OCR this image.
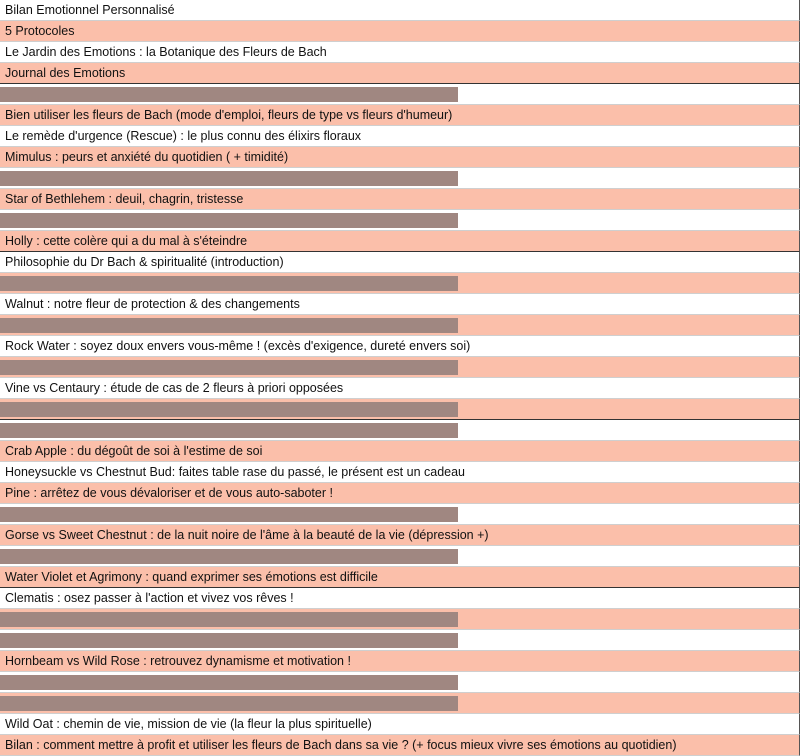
Bilan Emotionnel Personnalisé
5 Protocoles
Le Jardin des Emotions : la Botanique des Fleurs de Bach
Journal des Emotions
Bien utiliser les fleurs de Bach (mode d'emploi, fleurs de type vs fleurs d'humeur)
Le remède d'urgence (Rescue) : le plus connu des élixirs floraux
Mimulus : peurs et anxiété du quotidien ( + timidité)
Star of Bethlehem : deuil, chagrin, tristesse
Holly : cette colère qui a du mal à s'éteindre
Philosophie du Dr Bach & spiritualité (introduction)
Walnut : notre fleur de protection & des changements
Rock Water : soyez doux envers vous-même ! (excès d'exigence, dureté envers soi)
Vine vs Centaury : étude de cas de 2 fleurs à priori opposées
Crab Apple : du dégoût de soi à l'estime de soi
Honeysuckle vs Chestnut Bud: faites table rase du passé, le présent est un cadeau
Pine : arrêtez de vous dévaloriser et de vous auto-saboter !
Gorse vs Sweet Chestnut : de la nuit noire de l'âme à la beauté de la vie (dépression +)
Water Violet et Agrimony : quand exprimer ses émotions est difficile
Clematis : osez passer à l'action et vivez vos rêves !
Hornbeam vs Wild Rose : retrouvez dynamisme et motivation !
Wild Oat : chemin de vie, mission de vie (la fleur la plus spirituelle)
Bilan : comment mettre à profit et utiliser les fleurs de Bach dans sa vie ? (+ focus mieux vivre ses émotions au quotidien)
